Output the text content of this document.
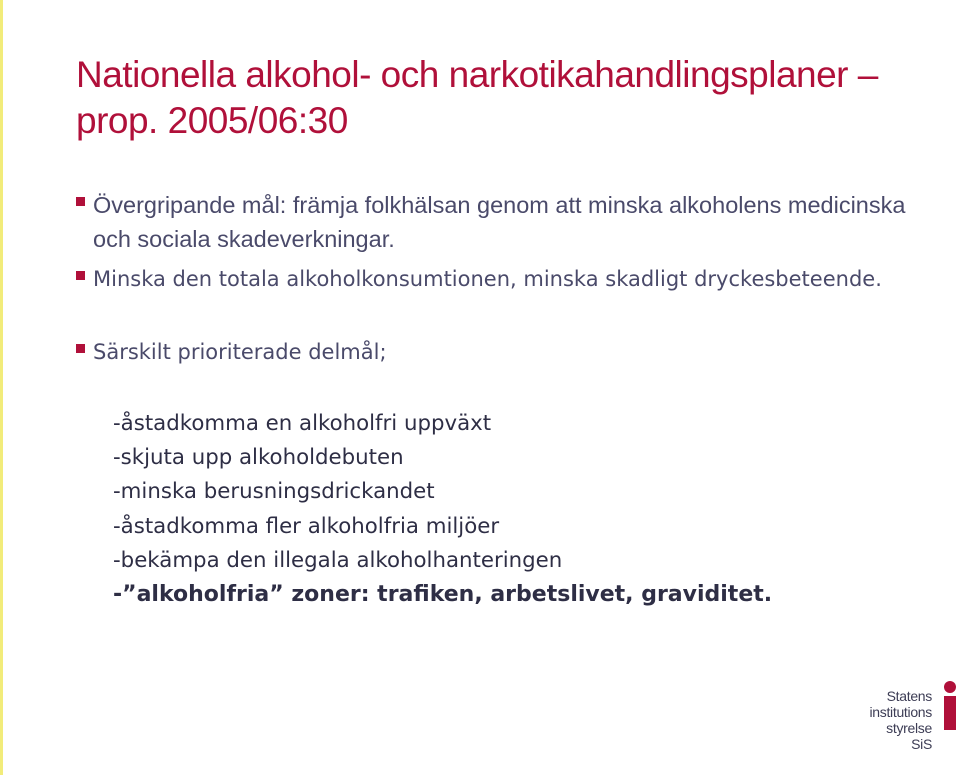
Nationella alkohol- och narkotikahandlingsplaner –
prop. 2005/06:30
Övergripande mål: främja folkhälsan genom att minska alkoholens medicinska och sociala skadeverkningar.
Minska den totala alkoholkonsumtionen, minska skadligt dryckesbeteende.
Särskilt prioriterade delmål;
-åstadkomma en alkoholfri uppväxt
-skjuta upp alkoholdebuten
-minska berusningsdrickandet
-åstadkomma fler alkoholfria miljöer
-bekämpa den illegala alkoholhanteringen
-”alkoholfria” zoner: trafiken, arbetslivet, graviditet.
Statens
institutions
styrelse SiS
